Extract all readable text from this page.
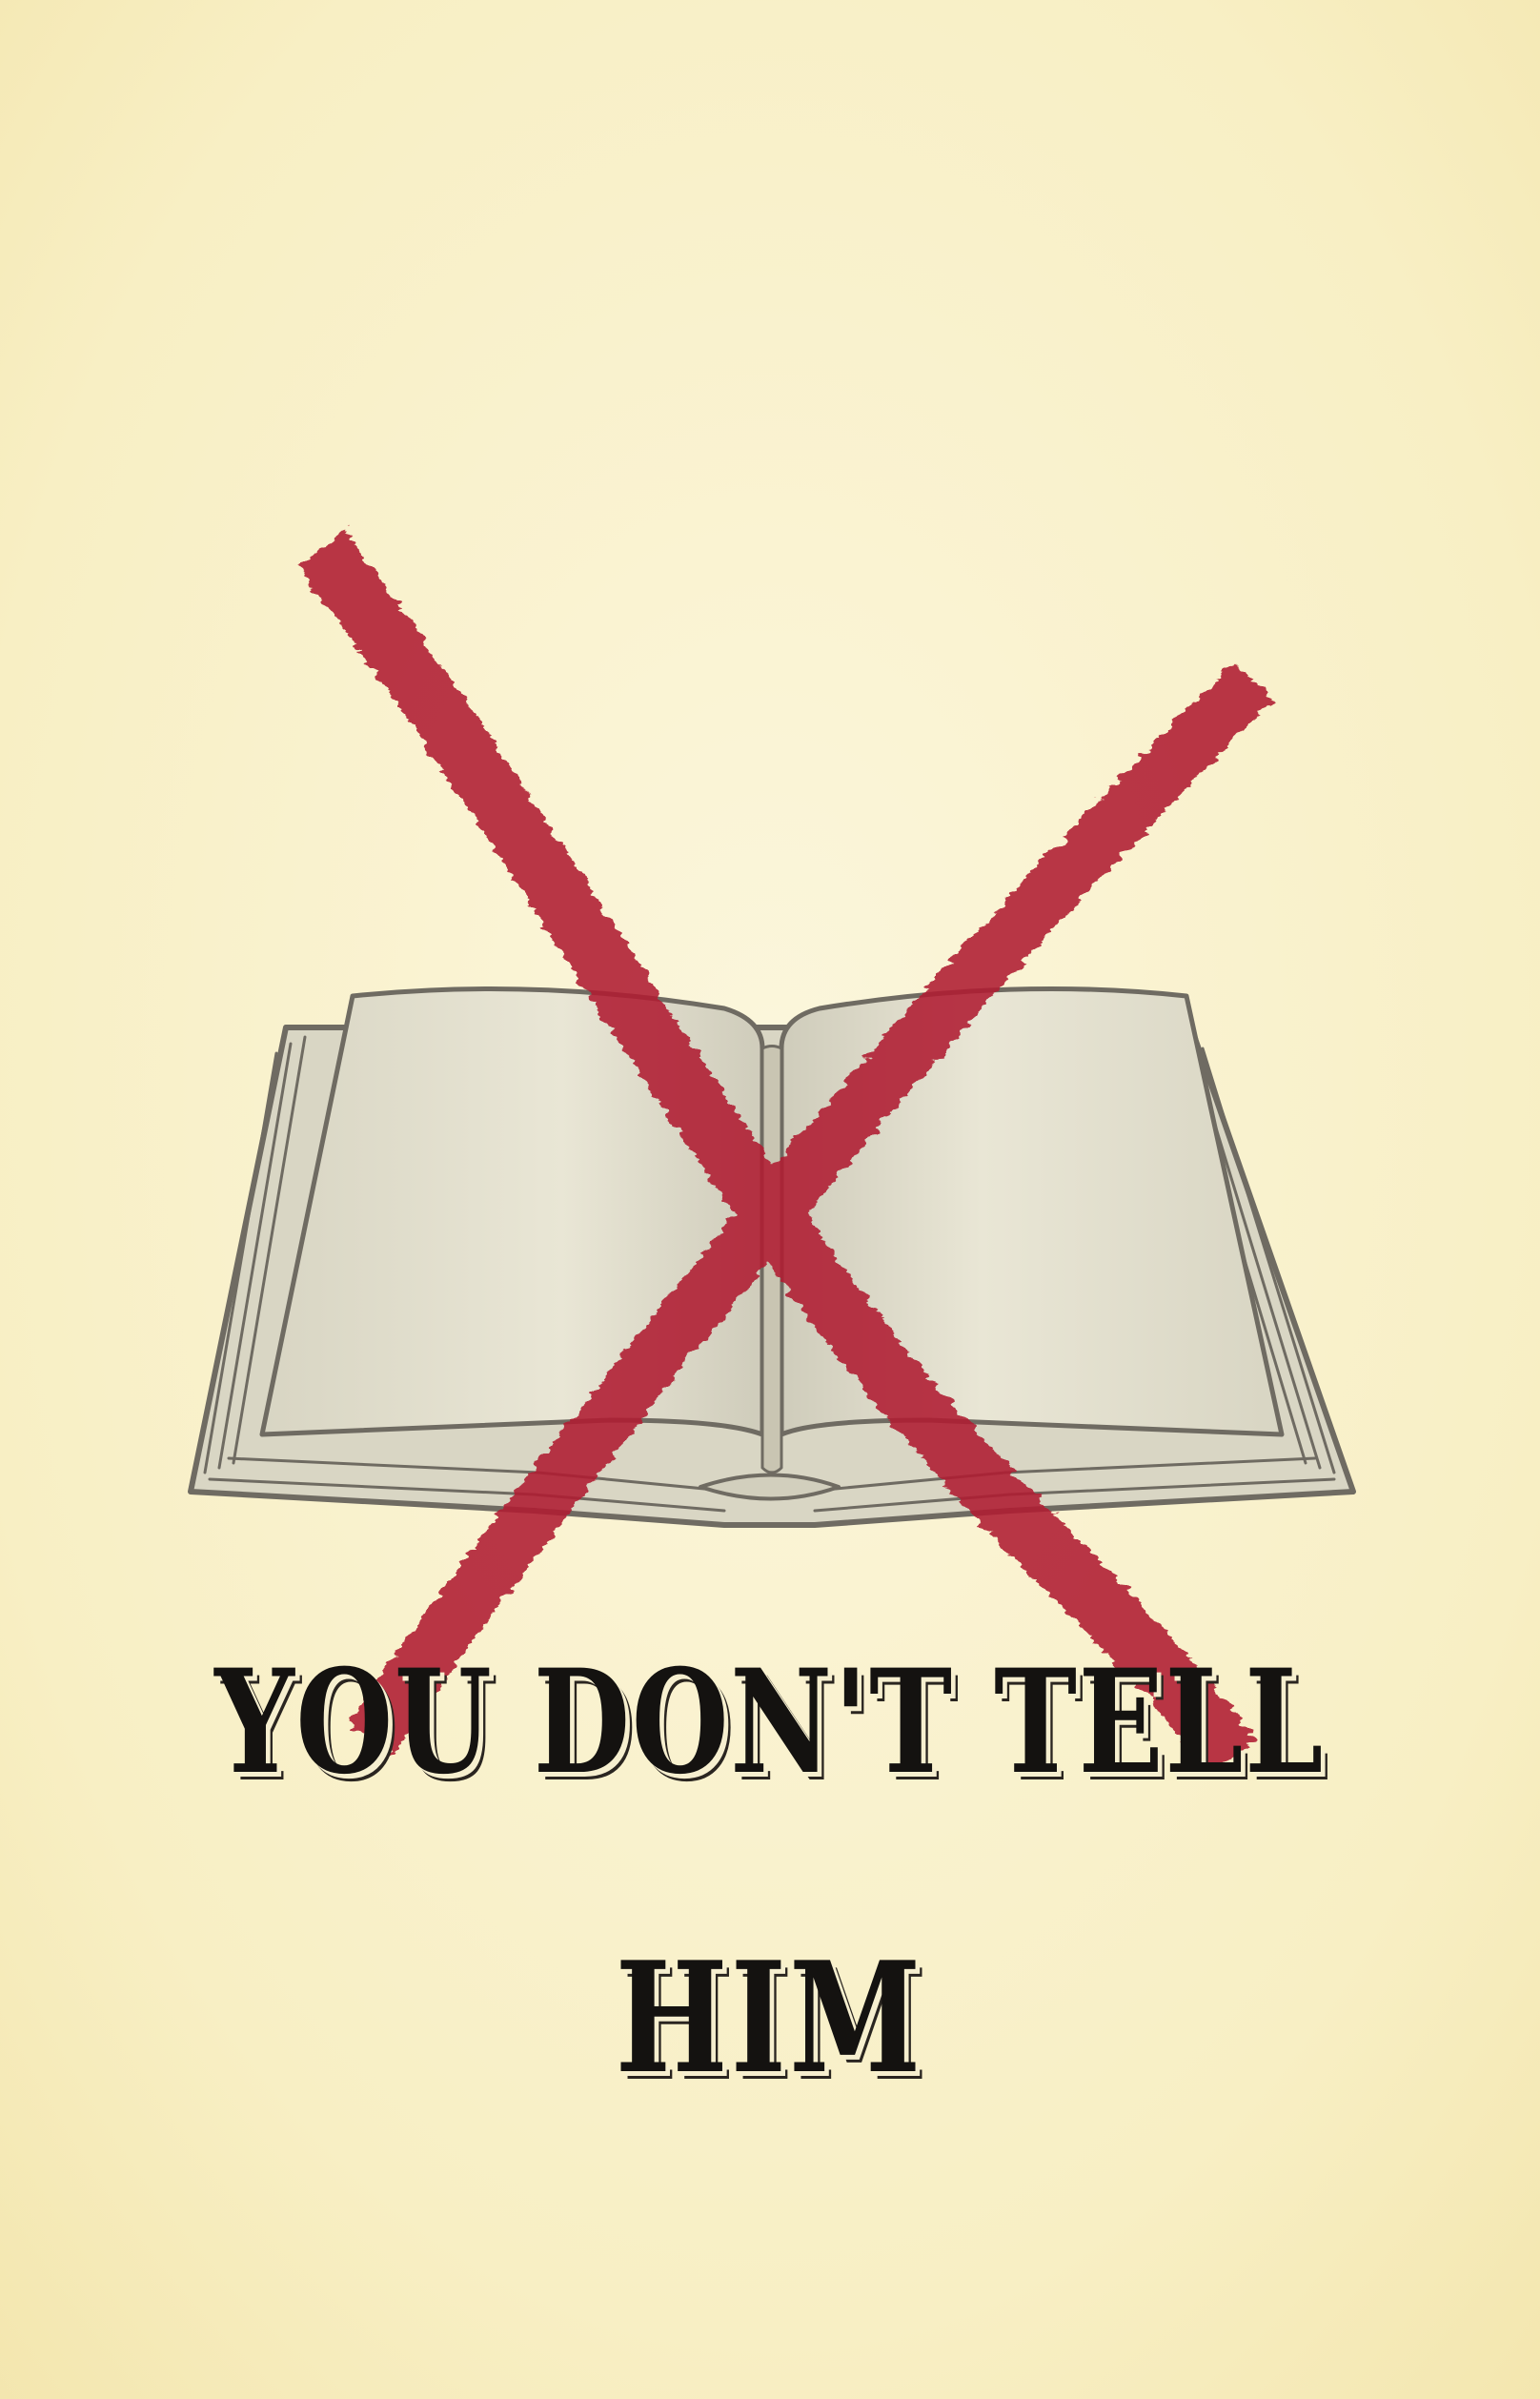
YOU DON'T TELL
HIM
